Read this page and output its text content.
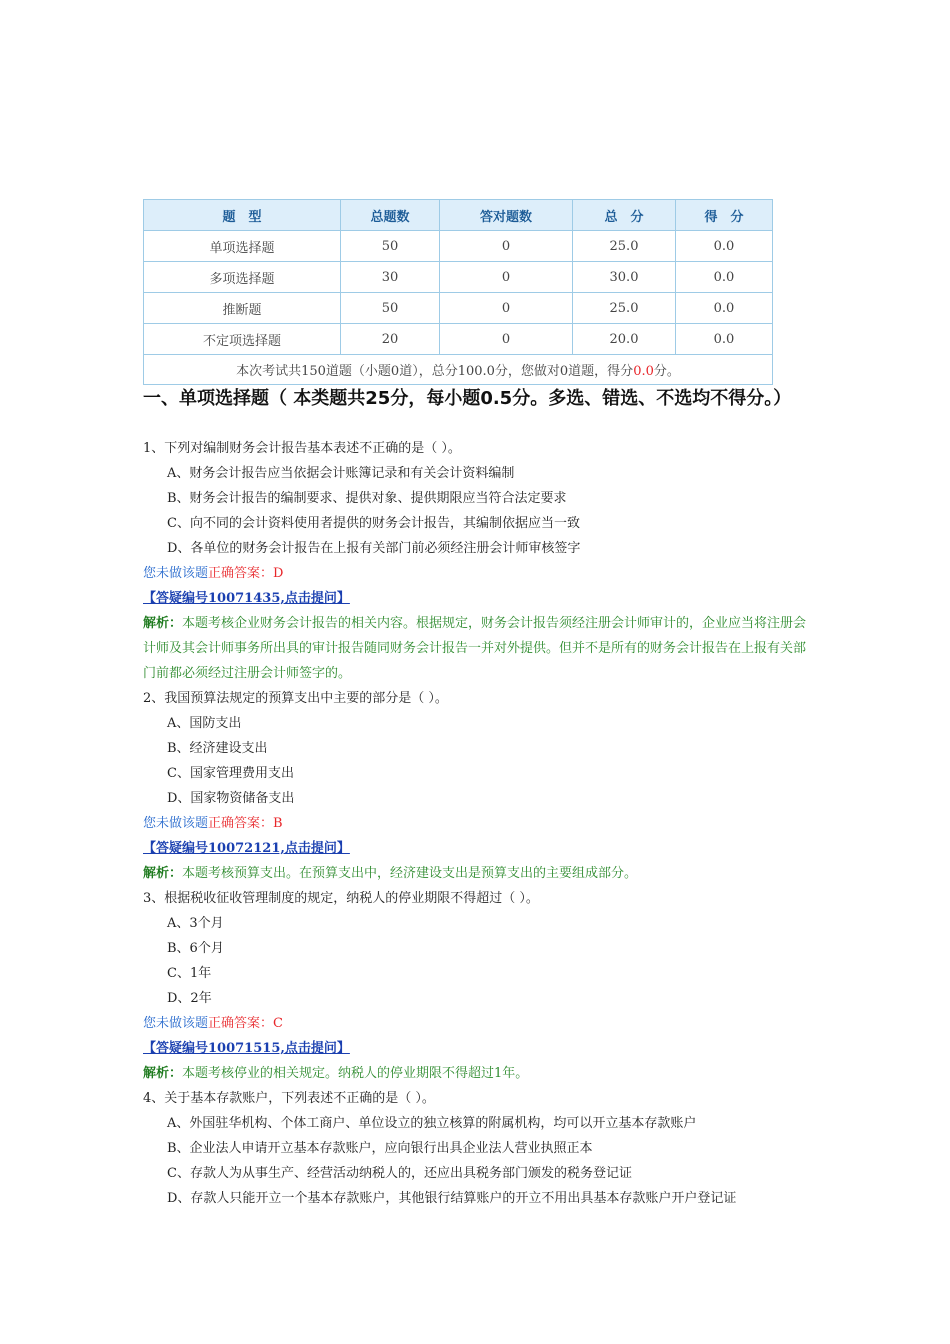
题　型	总题数	答对题数	总　分	得　分
单项选择题	50	0	25.0	0.0
多项选择题	30	0	30.0	0.0
推断题	50	0	25.0	0.0
不定项选择题	20	0	20.0	0.0
本次考试共150道题（小题0道），总分100.0分，您做对0道题，得分0.0分。				
一、单项选择题（ 本类题共25分，每小题0.5分。多选、错选、不选均不得分。）
1、下列对编制财务会计报告基本表述不正确的是（ ）。
A、财务会计报告应当依据会计账簿记录和有关会计资料编制
B、财务会计报告的编制要求、提供对象、提供期限应当符合法定要求
C、向不同的会计资料使用者提供的财务会计报告，其编制依据应当一致
D、各单位的财务会计报告在上报有关部门前必须经注册会计师审核签字
您未做该题正确答案：D
【答疑编号10071435,点击提问】
解析：本题考核企业财务会计报告的相关内容。根据规定，财务会计报告须经注册会计师审计的，企业应当将注册会计师及其会计师事务所出具的审计报告随同财务会计报告一并对外提供。但并不是所有的财务会计报告在上报有关部门前都必须经过注册会计师签字的。
2、我国预算法规定的预算支出中主要的部分是（ ）。
A、国防支出
B、经济建设支出
C、国家管理费用支出
D、国家物资储备支出
您未做该题正确答案：B
【答疑编号10072121,点击提问】
解析：本题考核预算支出。在预算支出中，经济建设支出是预算支出的主要组成部分。
3、根据税收征收管理制度的规定，纳税人的停业期限不得超过（ ）。
A、3个月
B、6个月
C、1年
D、2年
您未做该题正确答案：C
【答疑编号10071515,点击提问】
解析：本题考核停业的相关规定。纳税人的停业期限不得超过1年。
4、关于基本存款账户，下列表述不正确的是（ ）。
A、外国驻华机构、个体工商户、单位设立的独立核算的附属机构，均可以开立基本存款账户
B、企业法人申请开立基本存款账户，应向银行出具企业法人营业执照正本
C、存款人为从事生产、经营活动纳税人的，还应出具税务部门颁发的税务登记证
D、存款人只能开立一个基本存款账户，其他银行结算账户的开立不用出具基本存款账户开户登记证
